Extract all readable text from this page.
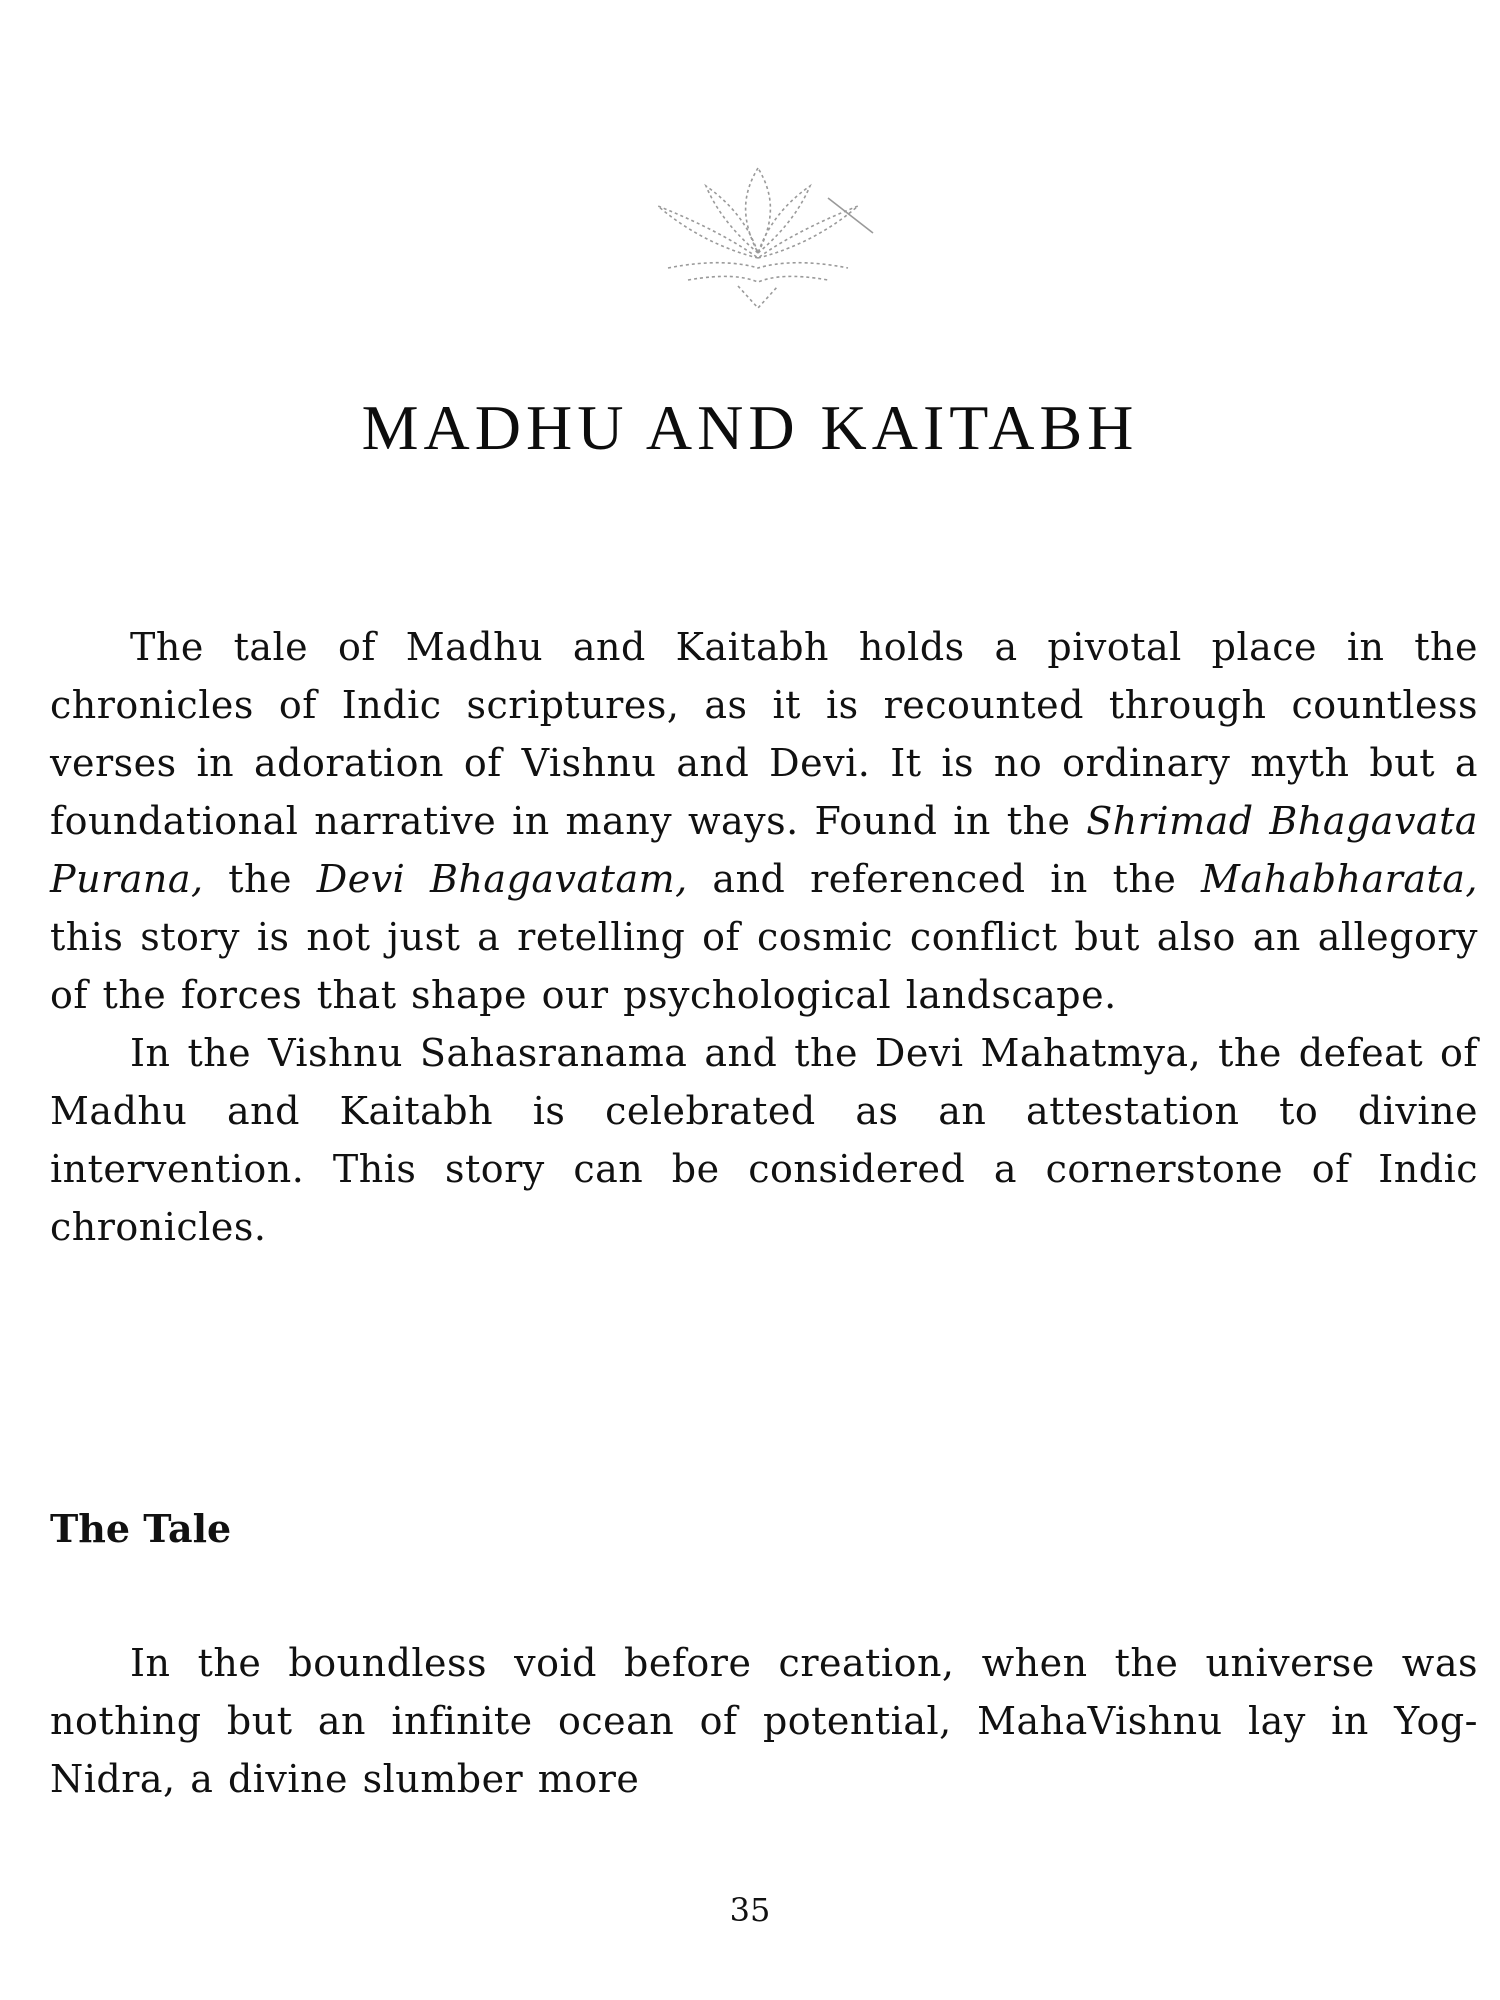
MADHU AND KAITABH

The tale of Madhu and Kaitabh holds a pivotal place in the chronicles of Indic scriptures, as it is recounted through countless verses in adoration of Vishnu and Devi. It is no ordinary myth but a foundational narrative in many ways. Found in the Shrimad Bhagavata Purana, the Devi Bhagavatam, and referenced in the Mahabharata, this story is not just a retelling of cosmic conflict but also an allegory of the forces that shape our psychological landscape.

In the Vishnu Sahasranama and the Devi Mahatmya, the defeat of Madhu and Kaitabh is celebrated as an attestation to divine intervention. This story can be considered a cornerstone of Indic chronicles.

The Tale

In the boundless void before creation, when the universe was nothing but an infinite ocean of potential, MahaVishnu lay in Yog-Nidra, a divine slumber more

35
